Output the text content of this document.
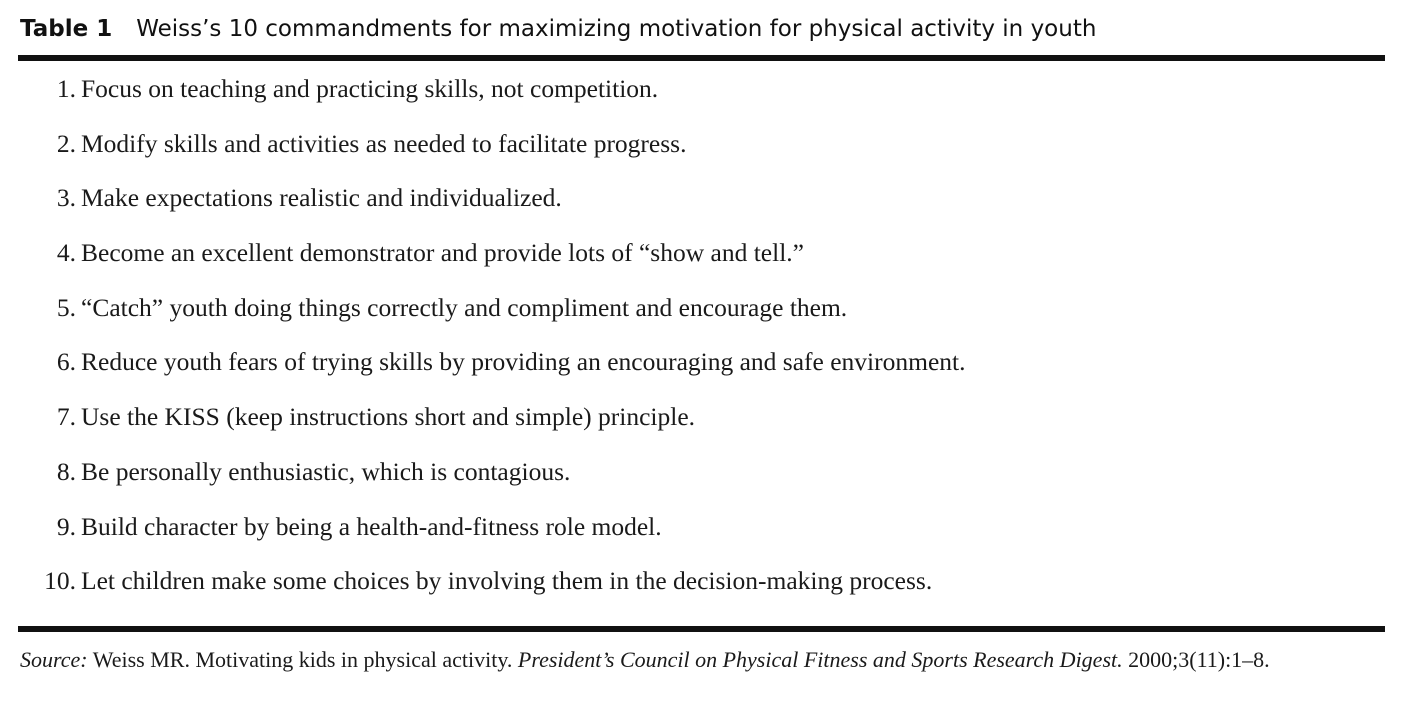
Table 1 Weiss’s 10 commandments for maximizing motivation for physical activity in youth
1. Focus on teaching and practicing skills, not competition.
2. Modify skills and activities as needed to facilitate progress.
3. Make expectations realistic and individualized.
4. Become an excellent demonstrator and provide lots of “show and tell.”
5. “Catch” youth doing things correctly and compliment and encourage them.
6. Reduce youth fears of trying skills by providing an encouraging and safe environment.
7. Use the KISS (keep instructions short and simple) principle.
8. Be personally enthusiastic, which is contagious.
9. Build character by being a health-and-fitness role model.
10. Let children make some choices by involving them in the decision-making process.
Source: Weiss MR. Motivating kids in physical activity. President’s Council on Physical Fitness and Sports Research Digest. 2000;3(11):1–8.
